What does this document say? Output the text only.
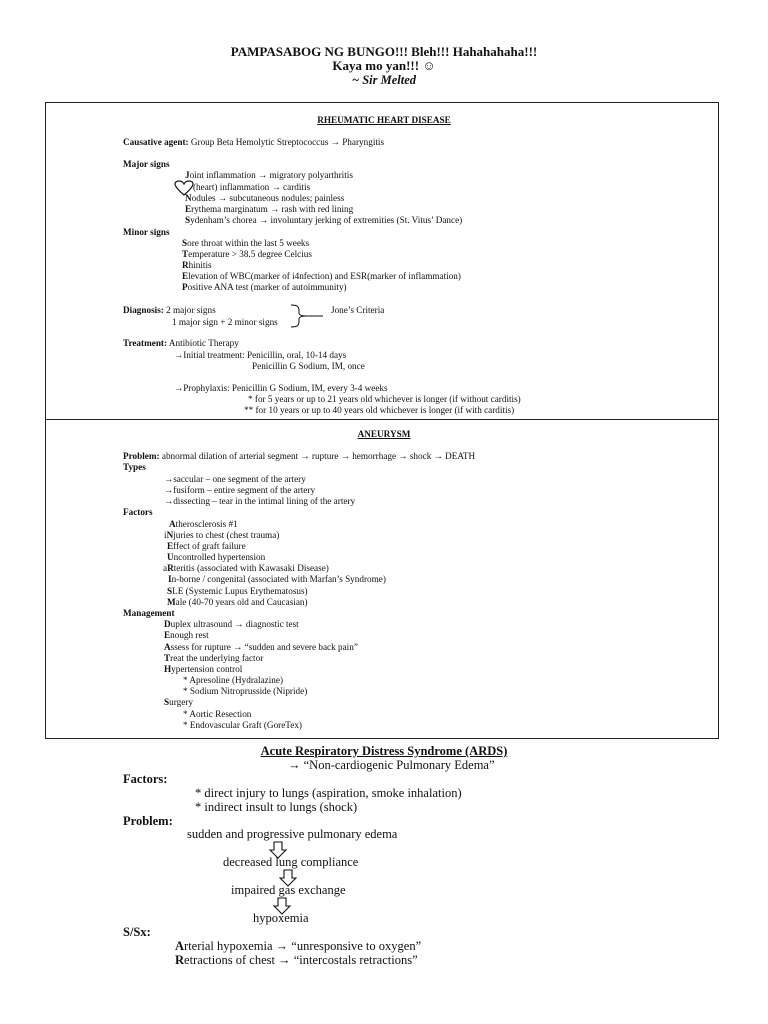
PAMPASABOG NG BUNGO!!! Bleh!!! Hahahahaha!!!
Kaya mo yan!!! ☺
~ Sir Melted
RHEUMATIC HEART DISEASE
Causative agent: Group Beta Hemolytic Streptococcus → Pharyngitis
Major signs
Joint inflammation → migratory polyarthritis
(heart) inflammation → carditis
Nodules → subcutaneous nodules; painless
Erythema marginatum → rash with red lining
Sydenham’s chorea → involuntary jerking of extremities (St. Vitus’ Dance)
Minor signs
Sore throat within the last 5 weeks
Temperature > 38.5 degree Celcius
Rhinitis
Elevation of WBC(marker of i4nfection) and ESR(marker of inflammation)
Positive ANA test (marker of autoimmunity)
Diagnosis: 2 major signs
1 major sign + 2 minor signs
Jone’s Criteria
Treatment: Antibiotic Therapy
→Initial treatment: Penicillin, oral, 10-14 days
Penicillin G Sodium, IM, once
→Prophylaxis: Penicillin G Sodium, IM, every 3-4 weeks
* for 5 years or up to 21 years old whichever is longer (if without carditis)
** for 10 years or up to 40 years old whichever is longer (if with carditis)
ANEURYSM
Problem: abnormal dilation of arterial segment → rupture → hemorrhage → shock → DEATH
Types
→saccular – one segment of the artery
→fusiform – entire segment of the artery
→dissecting – tear in the intimal lining of the artery
Factors
Atherosclerosis #1
iNjuries to chest (chest trauma)
Effect of graft failure
Uncontrolled hypertension
aRteritis (associated with Kawasaki Disease)
In-borne / congenital (associated with Marfan’s Syndrome)
SLE (Systemic Lupus Erythematosus)
Male (40-70 years old and Caucasian)
Management
Duplex ultrasound → diagnostic test
Enough rest
Assess for rupture → “sudden and severe back pain”
Treat the underlying factor
Hypertension control
* Apresoline (Hydralazine)
* Sodium Nitroprusside (Nipride)
Surgery
* Aortic Resection
* Endovascular Graft (GoreTex)
Acute Respiratory Distress Syndrome (ARDS)
→ “Non-cardiogenic Pulmonary Edema”
Factors:
* direct injury to lungs (aspiration, smoke inhalation)
* indirect insult to lungs (shock)
Problem:
sudden and progressive pulmonary edema
decreased lung compliance
impaired gas exchange
hypoxemia
S/Sx:
Arterial hypoxemia → “unresponsive to oxygen”
Retractions of chest → “intercostals retractions”
